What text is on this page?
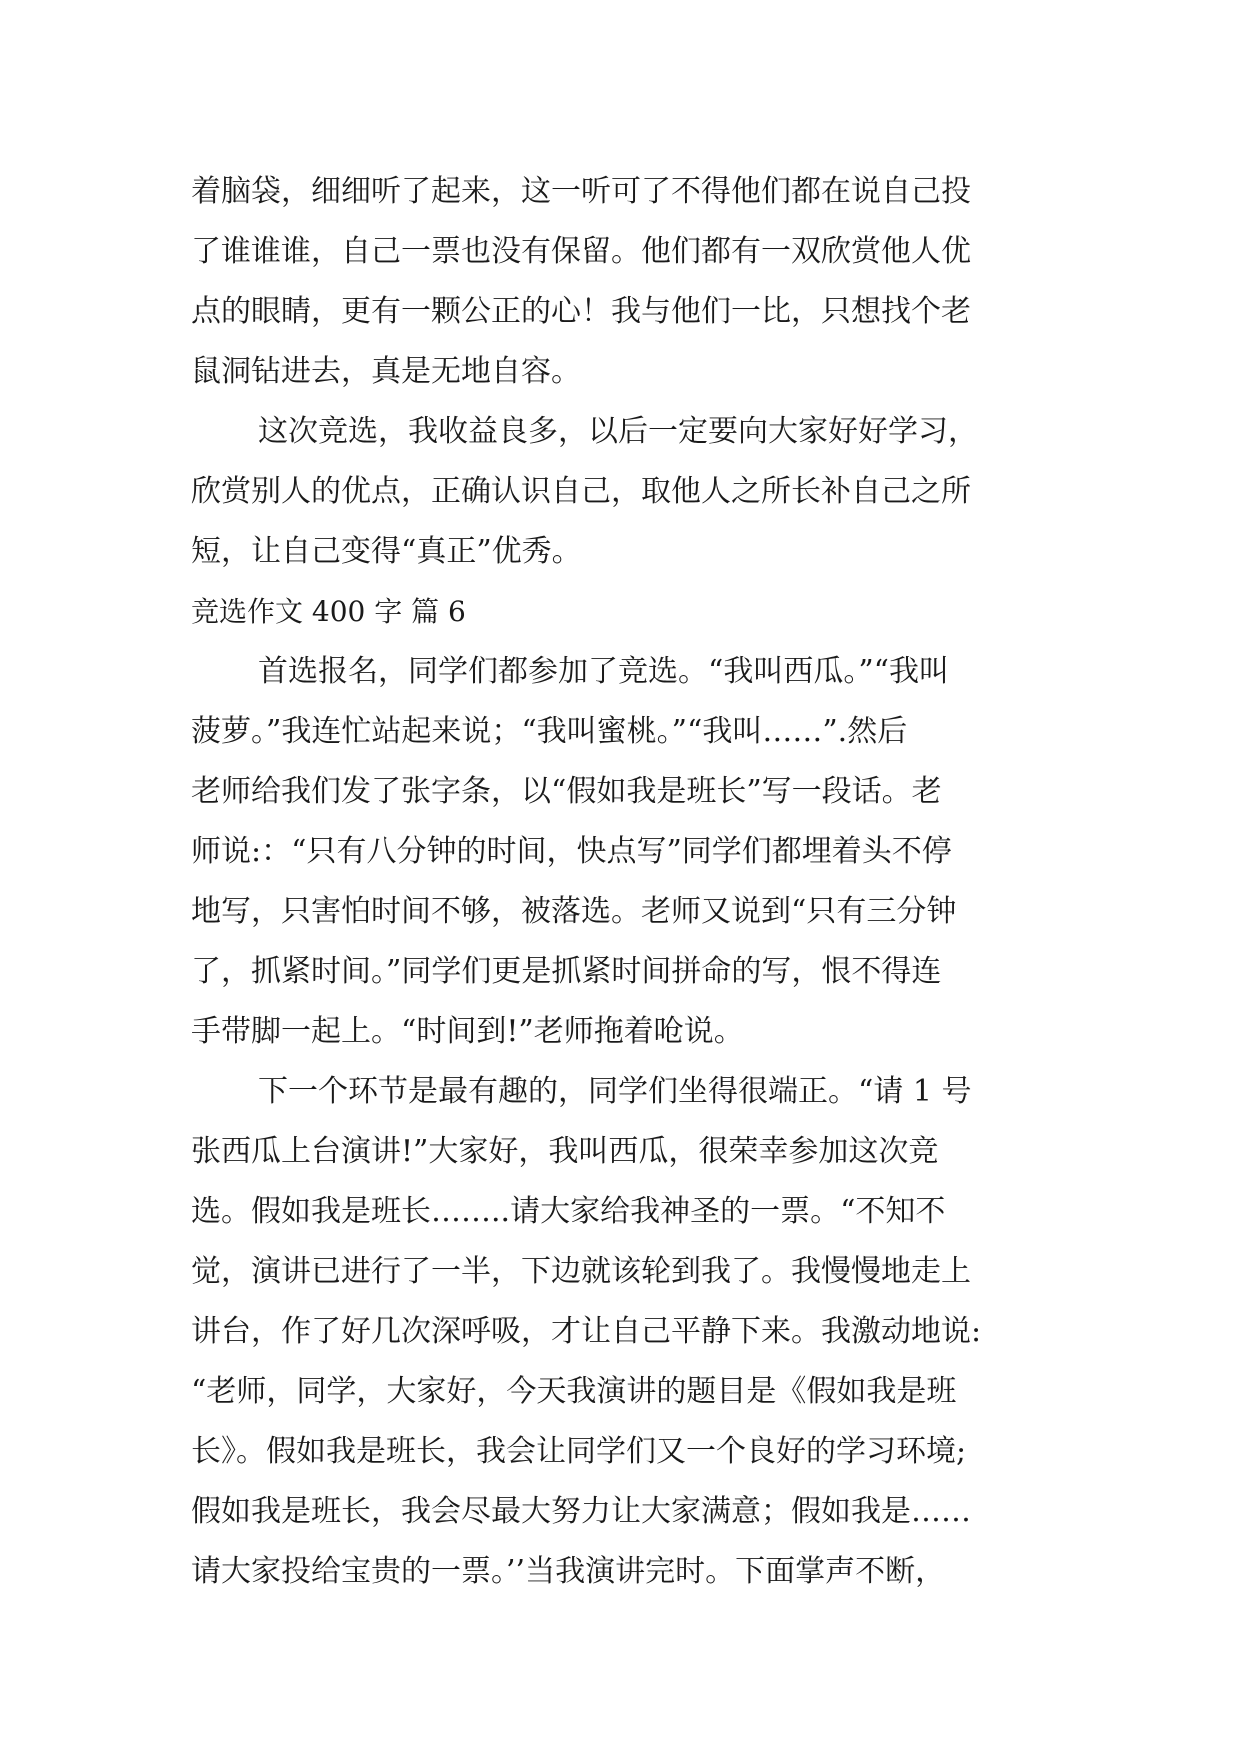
着脑袋，细细听了起来，这一听可了不得他们都在说自己投
了谁谁谁，自己一票也没有保留。他们都有一双欣赏他人优
点的眼睛，更有一颗公正的心！我与他们一比，只想找个老
鼠洞钻进去，真是无地自容。
这次竞选，我收益良多，以后一定要向大家好好学习，
欣赏别人的优点，正确认识自己，取他人之所长补自己之所
短，让自己变得“真正”优秀。
竞选作文 400 字 篇 6
首选报名，同学们都参加了竞选。“我叫西瓜。”“我叫
菠萝。”我连忙站起来说；“我叫蜜桃。”“我叫……”.然后
老师给我们发了张字条，以“假如我是班长”写一段话。老
师说:：“只有八分钟的时间，快点写”同学们都埋着头不停
地写，只害怕时间不够，被落选。老师又说到“只有三分钟
了，抓紧时间。”同学们更是抓紧时间拼命的写，恨不得连
手带脚一起上。“时间到!”老师拖着呛说。
下一个环节是最有趣的，同学们坐得很端正。“请 1 号
张西瓜上台演讲!”大家好，我叫西瓜，很荣幸参加这次竞
选。假如我是班长……..请大家给我神圣的一票。“不知不
觉，演讲已进行了一半，下边就该轮到我了。我慢慢地走上
讲台，作了好几次深呼吸，才让自己平静下来。我激动地说:
“老师，同学，大家好，今天我演讲的题目是《假如我是班
长》。假如我是班长，我会让同学们又一个良好的学习环境;
假如我是班长，我会尽最大努力让大家满意；假如我是……
请大家投给宝贵的一票。’’当我演讲完时。下面掌声不断，
